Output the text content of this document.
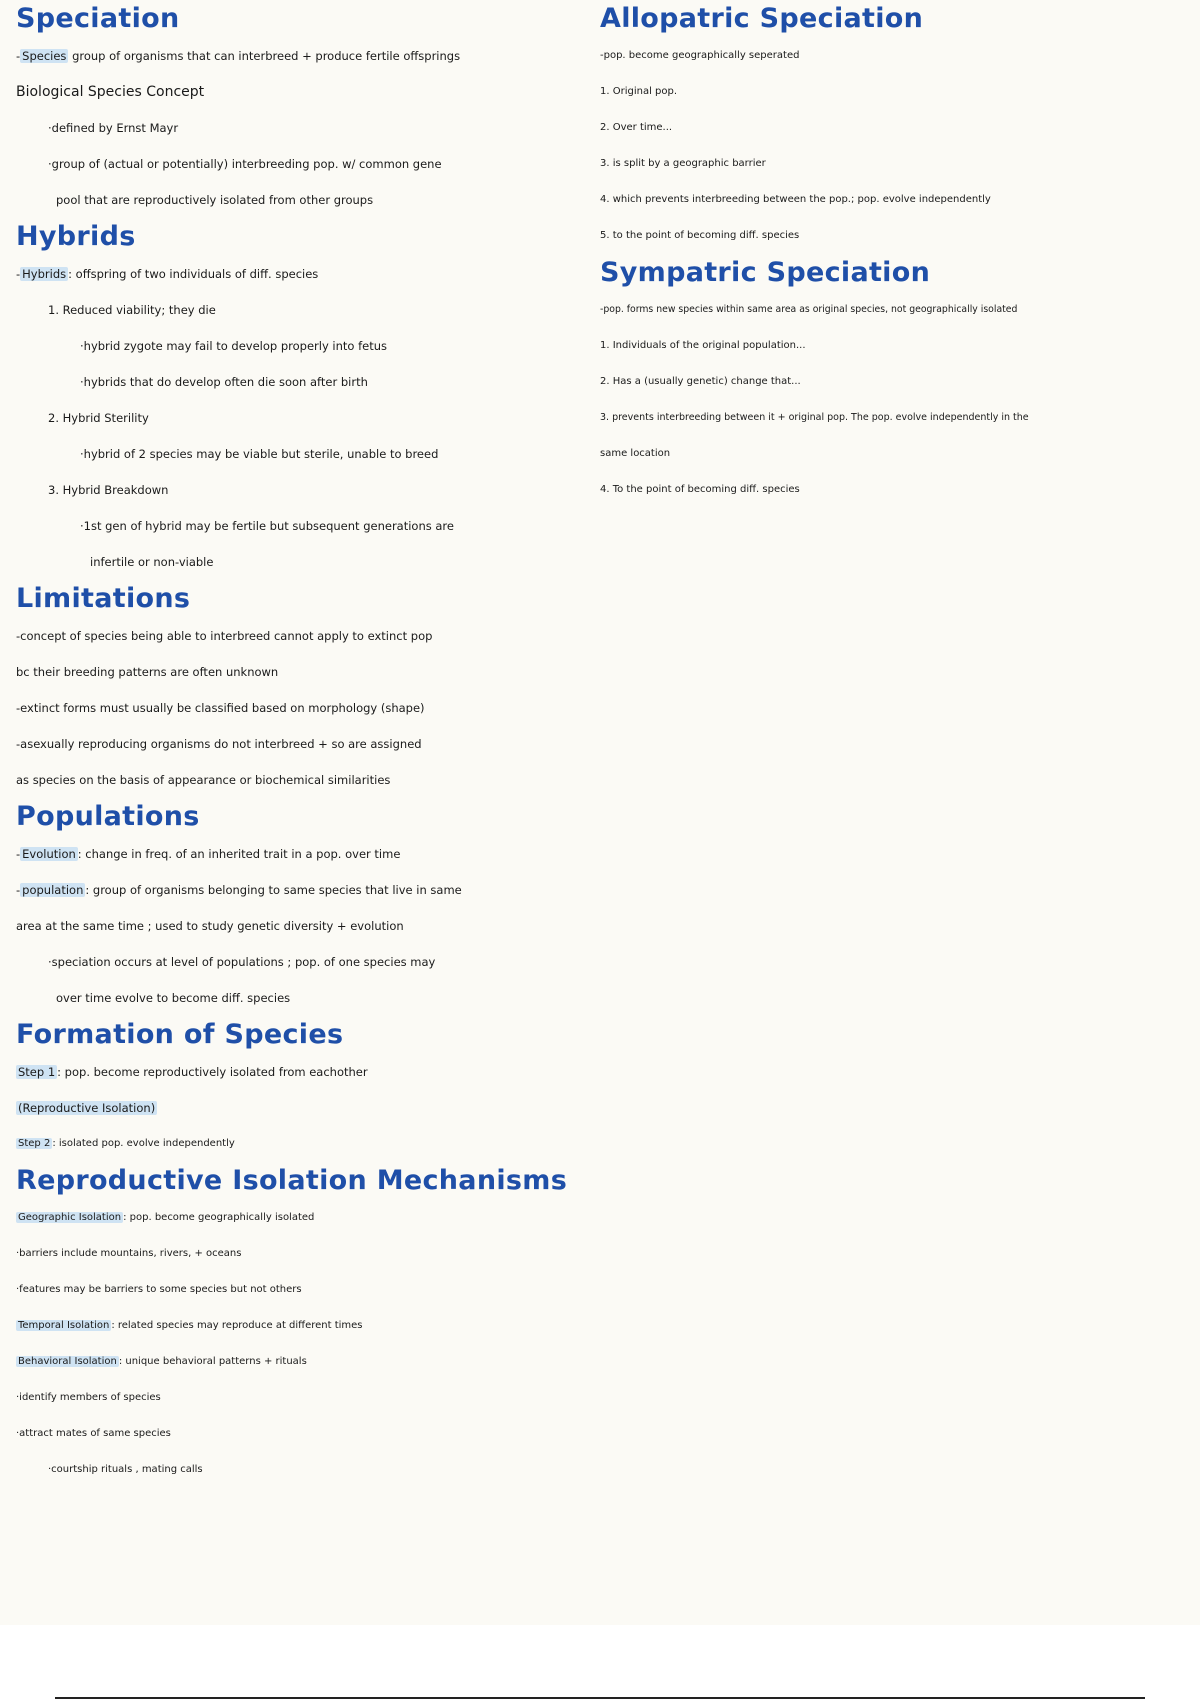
Speciation
- Species group of organisms that can interbreed + produce fertile offsprings
Biological Species Concept
·defined by Ernst Mayr
·group of (actual or potentially) interbreeding pop. w/ common gene
pool that are reproductively isolated from other groups
Hybrids
- Hybrids : offspring of two individuals of diff. species
1. Reduced viability; they die
·hybrid zygote may fail to develop properly into fetus
·hybrids that do develop often die soon after birth
2. Hybrid Sterility
·hybrid of 2 species may be viable but sterile, unable to breed
3. Hybrid Breakdown
·1st gen of hybrid may be fertile but subsequent generations are
infertile or non-viable
Limitations
-concept of species being able to interbreed cannot apply to extinct pop
bc their breeding patterns are often unknown
-extinct forms must usually be classified based on morphology (shape)
-asexually reproducing organisms do not interbreed + so are assigned
as species on the basis of appearance or biochemical similarities
Populations
- Evolution : change in freq. of an inherited trait in a pop. over time
- population : group of organisms belonging to same species that live in same
area at the same time ; used to study genetic diversity + evolution
·speciation occurs at level of populations ; pop. of one species may
over time evolve to become diff. species
Formation of Species
Step 1 : pop. become reproductively isolated from eachother
(Reproductive Isolation)
Step 2 : isolated pop. evolve independently
Reproductive Isolation Mechanisms
Geographic Isolation : pop. become geographically isolated
·barriers include mountains, rivers, + oceans
·features may be barriers to some species but not others
Temporal Isolation : related species may reproduce at different times
Behavioral Isolation : unique behavioral patterns + rituals
·identify members of species
·attract mates of same species
·courtship rituals , mating calls
Allopatric Speciation
-pop. become geographically seperated
1. Original pop.
2. Over time...
3. is split by a geographic barrier
4. which prevents interbreeding between the pop.; pop. evolve independently
5. to the point of becoming diff. species
Sympatric Speciation
-pop. forms new species within same area as original species, not geographically isolated
1. Individuals of the original population...
2. Has a (usually genetic) change that...
3. prevents interbreeding between it + original pop. The pop. evolve independently in the
same location
4. To the point of becoming diff. species
